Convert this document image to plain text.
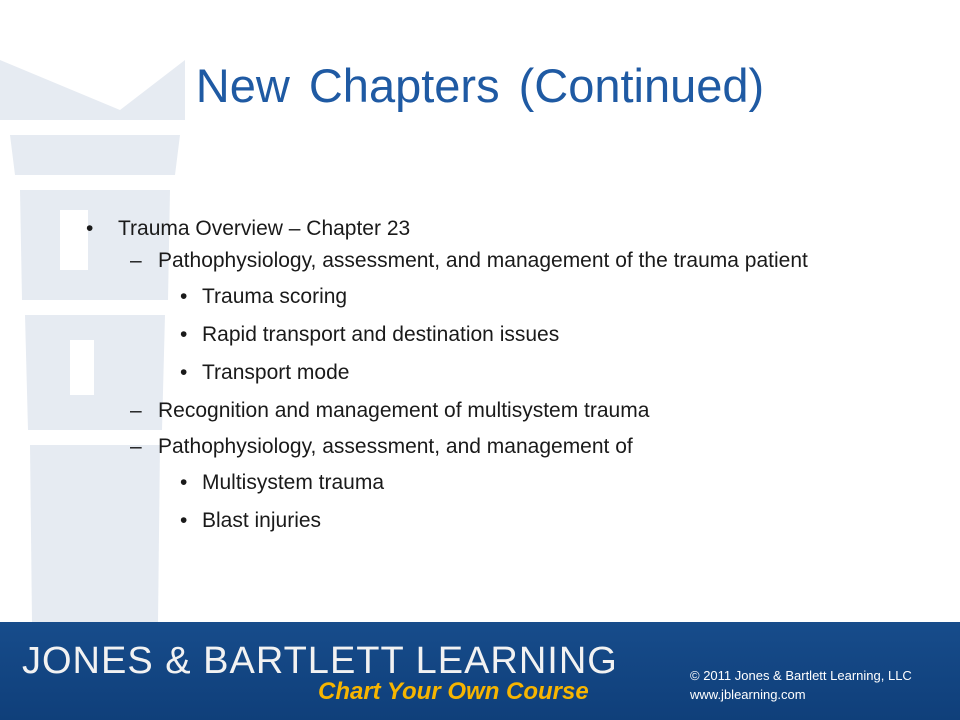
New Chapters (Continued)
• Trauma Overview – Chapter 23
– Pathophysiology, assessment, and management of the trauma patient
• Trauma scoring
• Rapid transport and destination issues
• Transport mode
– Recognition and management of multisystem trauma
– Pathophysiology, assessment, and management of
• Multisystem trauma
• Blast injuries
JONES & BARTLETT LEARNING
Chart Your Own Course
© 2011 Jones & Bartlett Learning, LLC
www.jblearning.com
